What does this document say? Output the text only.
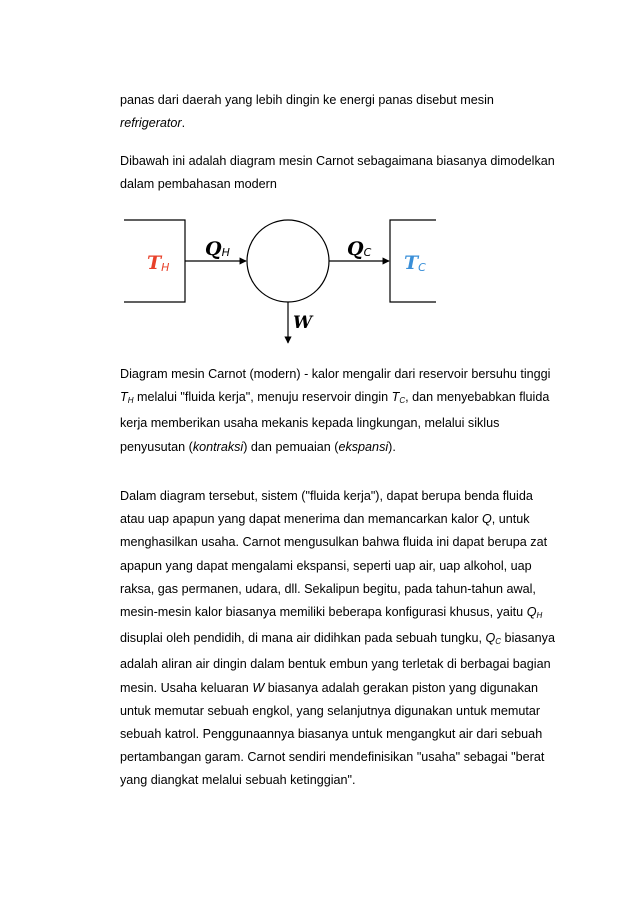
panas dari daerah yang lebih dingin ke energi panas disebut mesin
refrigerator.

Dibawah ini adalah diagram mesin Carnot sebagaimana biasanya dimodelkan dalam pembahasan modern

TH
QH	QC TC
W

Diagram mesin Carnot (modern) - kalor mengalir dari reservoir bersuhu tinggi $T_H$ melalui "fluida kerja", menuju reservoir dingin $T_C$, dan menyebabkan fluida kerja memberikan usaha mekanis kepada lingkungan, melalui siklus penyusutan (kontraksi) dan pemuaian (ekspansi).

Dalam diagram tersebut, sistem ("fluida kerja"), dapat berupa benda fluida atau uap apapun yang dapat menerima dan memancarkan kalor Q, untuk menghasilkan usaha. Carnot mengusulkan bahwa fluida ini dapat berupa zat apapun yang dapat mengalami ekspansi, seperti uap air, uap alkohol, uap raksa, gas permanen, udara, dll. Sekalipun begitu, pada tahun-tahun awal, mesin-mesin kalor biasanya memiliki beberapa konfigurasi khusus, yaitu $Q_H$ disuplai oleh pendidih, di mana air didihkan pada sebuah tungku, $Q_C$ biasanya adalah aliran air dingin dalam bentuk embun yang terletak di berbagai bagian mesin. Usaha keluaran W biasanya adalah gerakan piston yang digunakan untuk memutar sebuah engkol, yang selanjutnya digunakan untuk memutar sebuah katrol. Penggunaannya biasanya untuk mengangkut air dari sebuah pertambangan garam. Carnot sendiri mendefinisikan "usaha" sebagai "berat yang diangkat melalui sebuah ketinggian".
